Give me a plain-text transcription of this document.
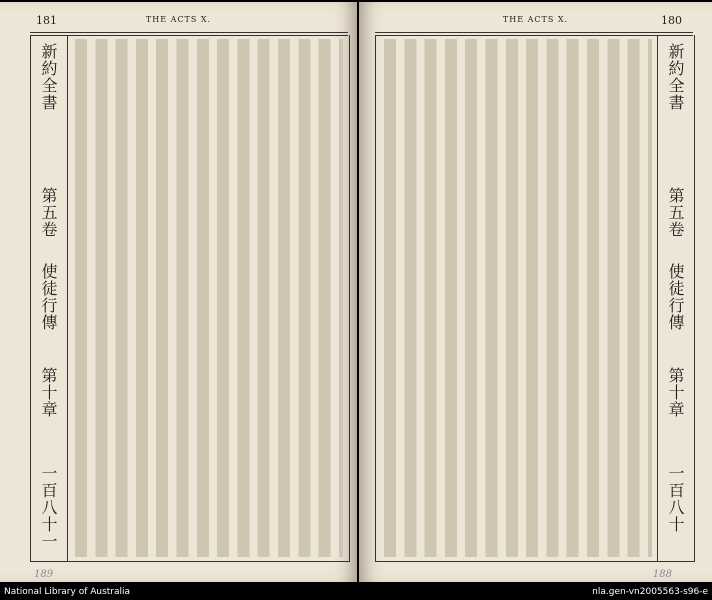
181	THE ACTS X.
新約全書
第五卷
使徒行傳
第十章
一百八十一
189
180
THE ACTS X.
新約全書
第五卷
使徒行傳
第十章
一百八十
188
National Library of Australia	nla.gen-vn2005563-s96-e
